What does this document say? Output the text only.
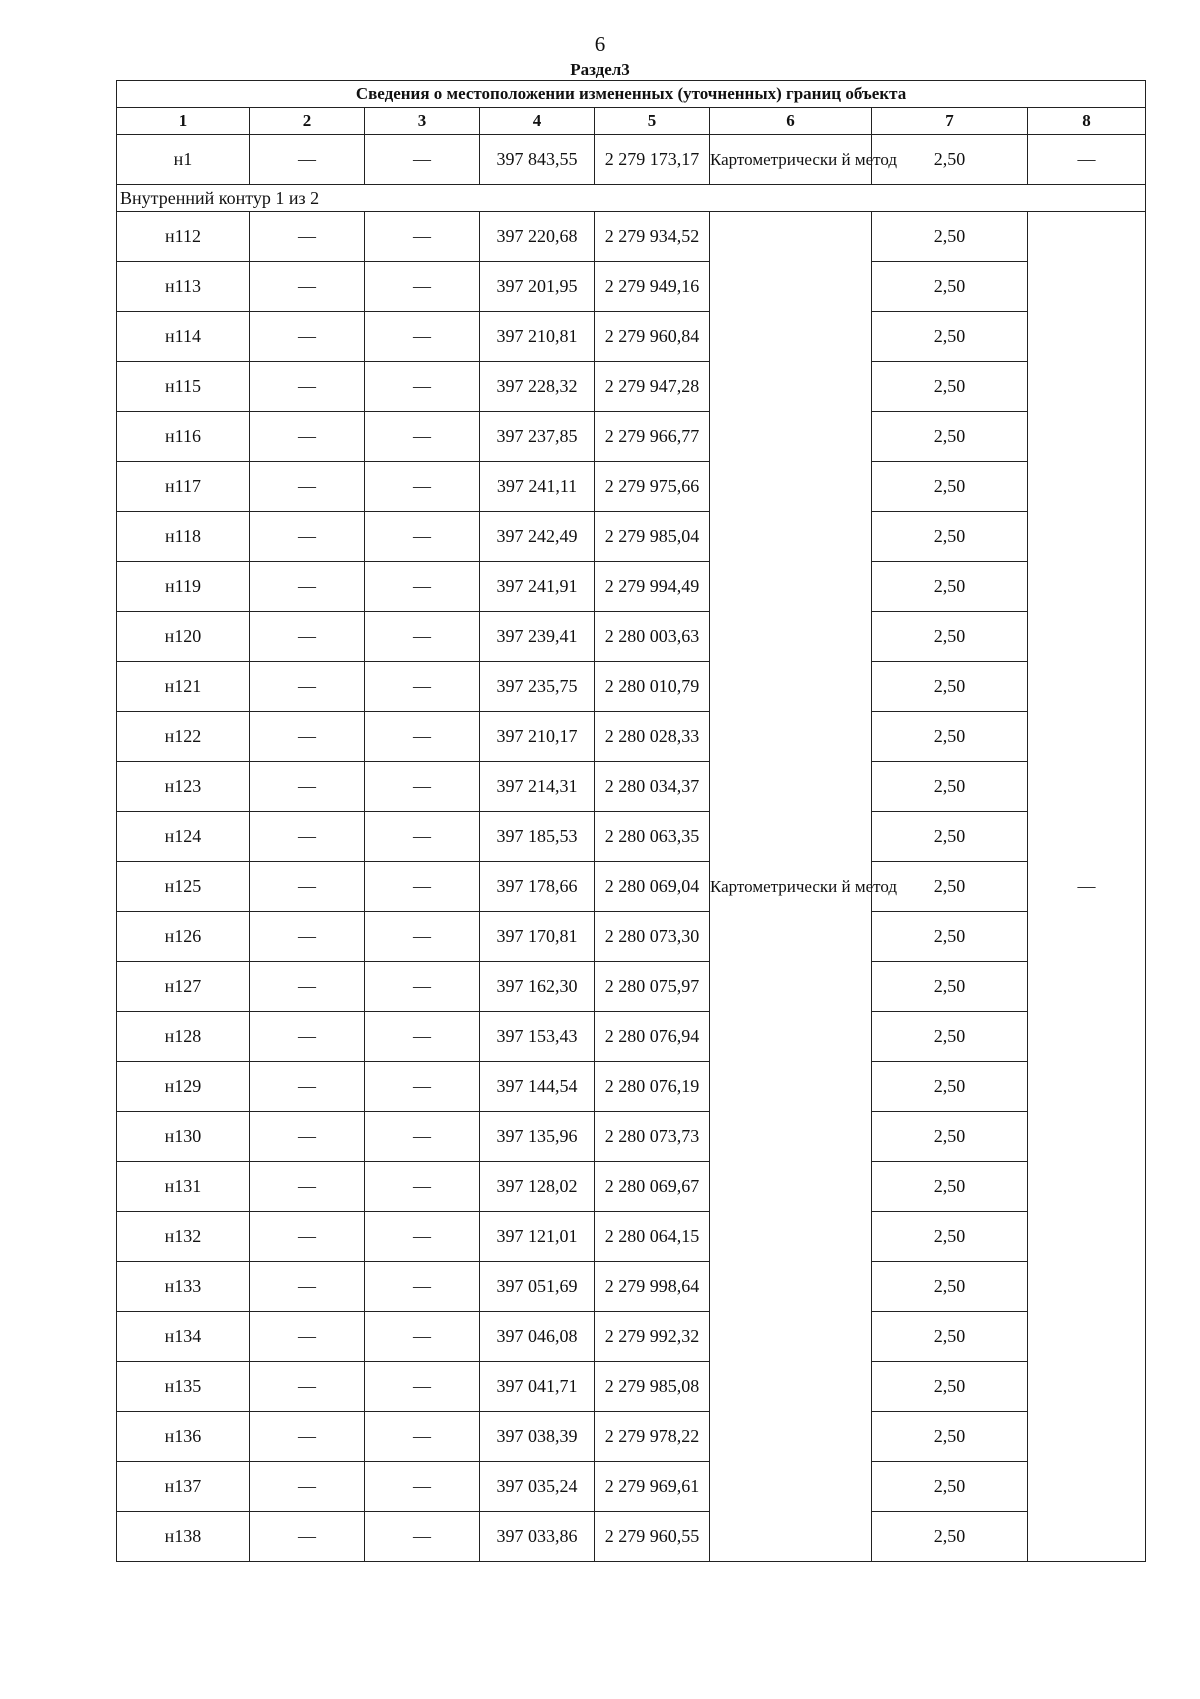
6
Раздел3
Сведения о местоположении измененных (уточненных) границ объекта							
1	2	3	4	5	6	7	8
н1	—	—	397 843,55	2 279 173,17	Картометрически й метод	2,50	—
Внутренний контур 1 из 2							
н112	—	—	397 220,68	2 279 934,52	Картометрически й метод	2,50	—
н113	—	—	397 201,95	2 279 949,16		2,50	
н114	—	—	397 210,81	2 279 960,84		2,50	
н115	—	—	397 228,32	2 279 947,28		2,50	
н116	—	—	397 237,85	2 279 966,77		2,50	
н117	—	—	397 241,11	2 279 975,66		2,50	
н118	—	—	397 242,49	2 279 985,04		2,50	
н119	—	—	397 241,91	2 279 994,49		2,50	
н120	—	—	397 239,41	2 280 003,63		2,50	
н121	—	—	397 235,75	2 280 010,79		2,50	
н122	—	—	397 210,17	2 280 028,33		2,50	
н123	—	—	397 214,31	2 280 034,37		2,50	
н124	—	—	397 185,53	2 280 063,35		2,50	
н125	—	—	397 178,66	2 280 069,04		2,50	
н126	—	—	397 170,81	2 280 073,30		2,50	
н127	—	—	397 162,30	2 280 075,97		2,50	
н128	—	—	397 153,43	2 280 076,94		2,50	
н129	—	—	397 144,54	2 280 076,19		2,50	
н130	—	—	397 135,96	2 280 073,73		2,50	
н131	—	—	397 128,02	2 280 069,67		2,50	
н132	—	—	397 121,01	2 280 064,15		2,50	
н133	—	—	397 051,69	2 279 998,64		2,50	
н134	—	—	397 046,08	2 279 992,32		2,50	
н135	—	—	397 041,71	2 279 985,08		2,50	
н136	—	—	397 038,39	2 279 978,22		2,50	
н137	—	—	397 035,24	2 279 969,61		2,50	
н138	—	—	397 033,86	2 279 960,55		2,50	
